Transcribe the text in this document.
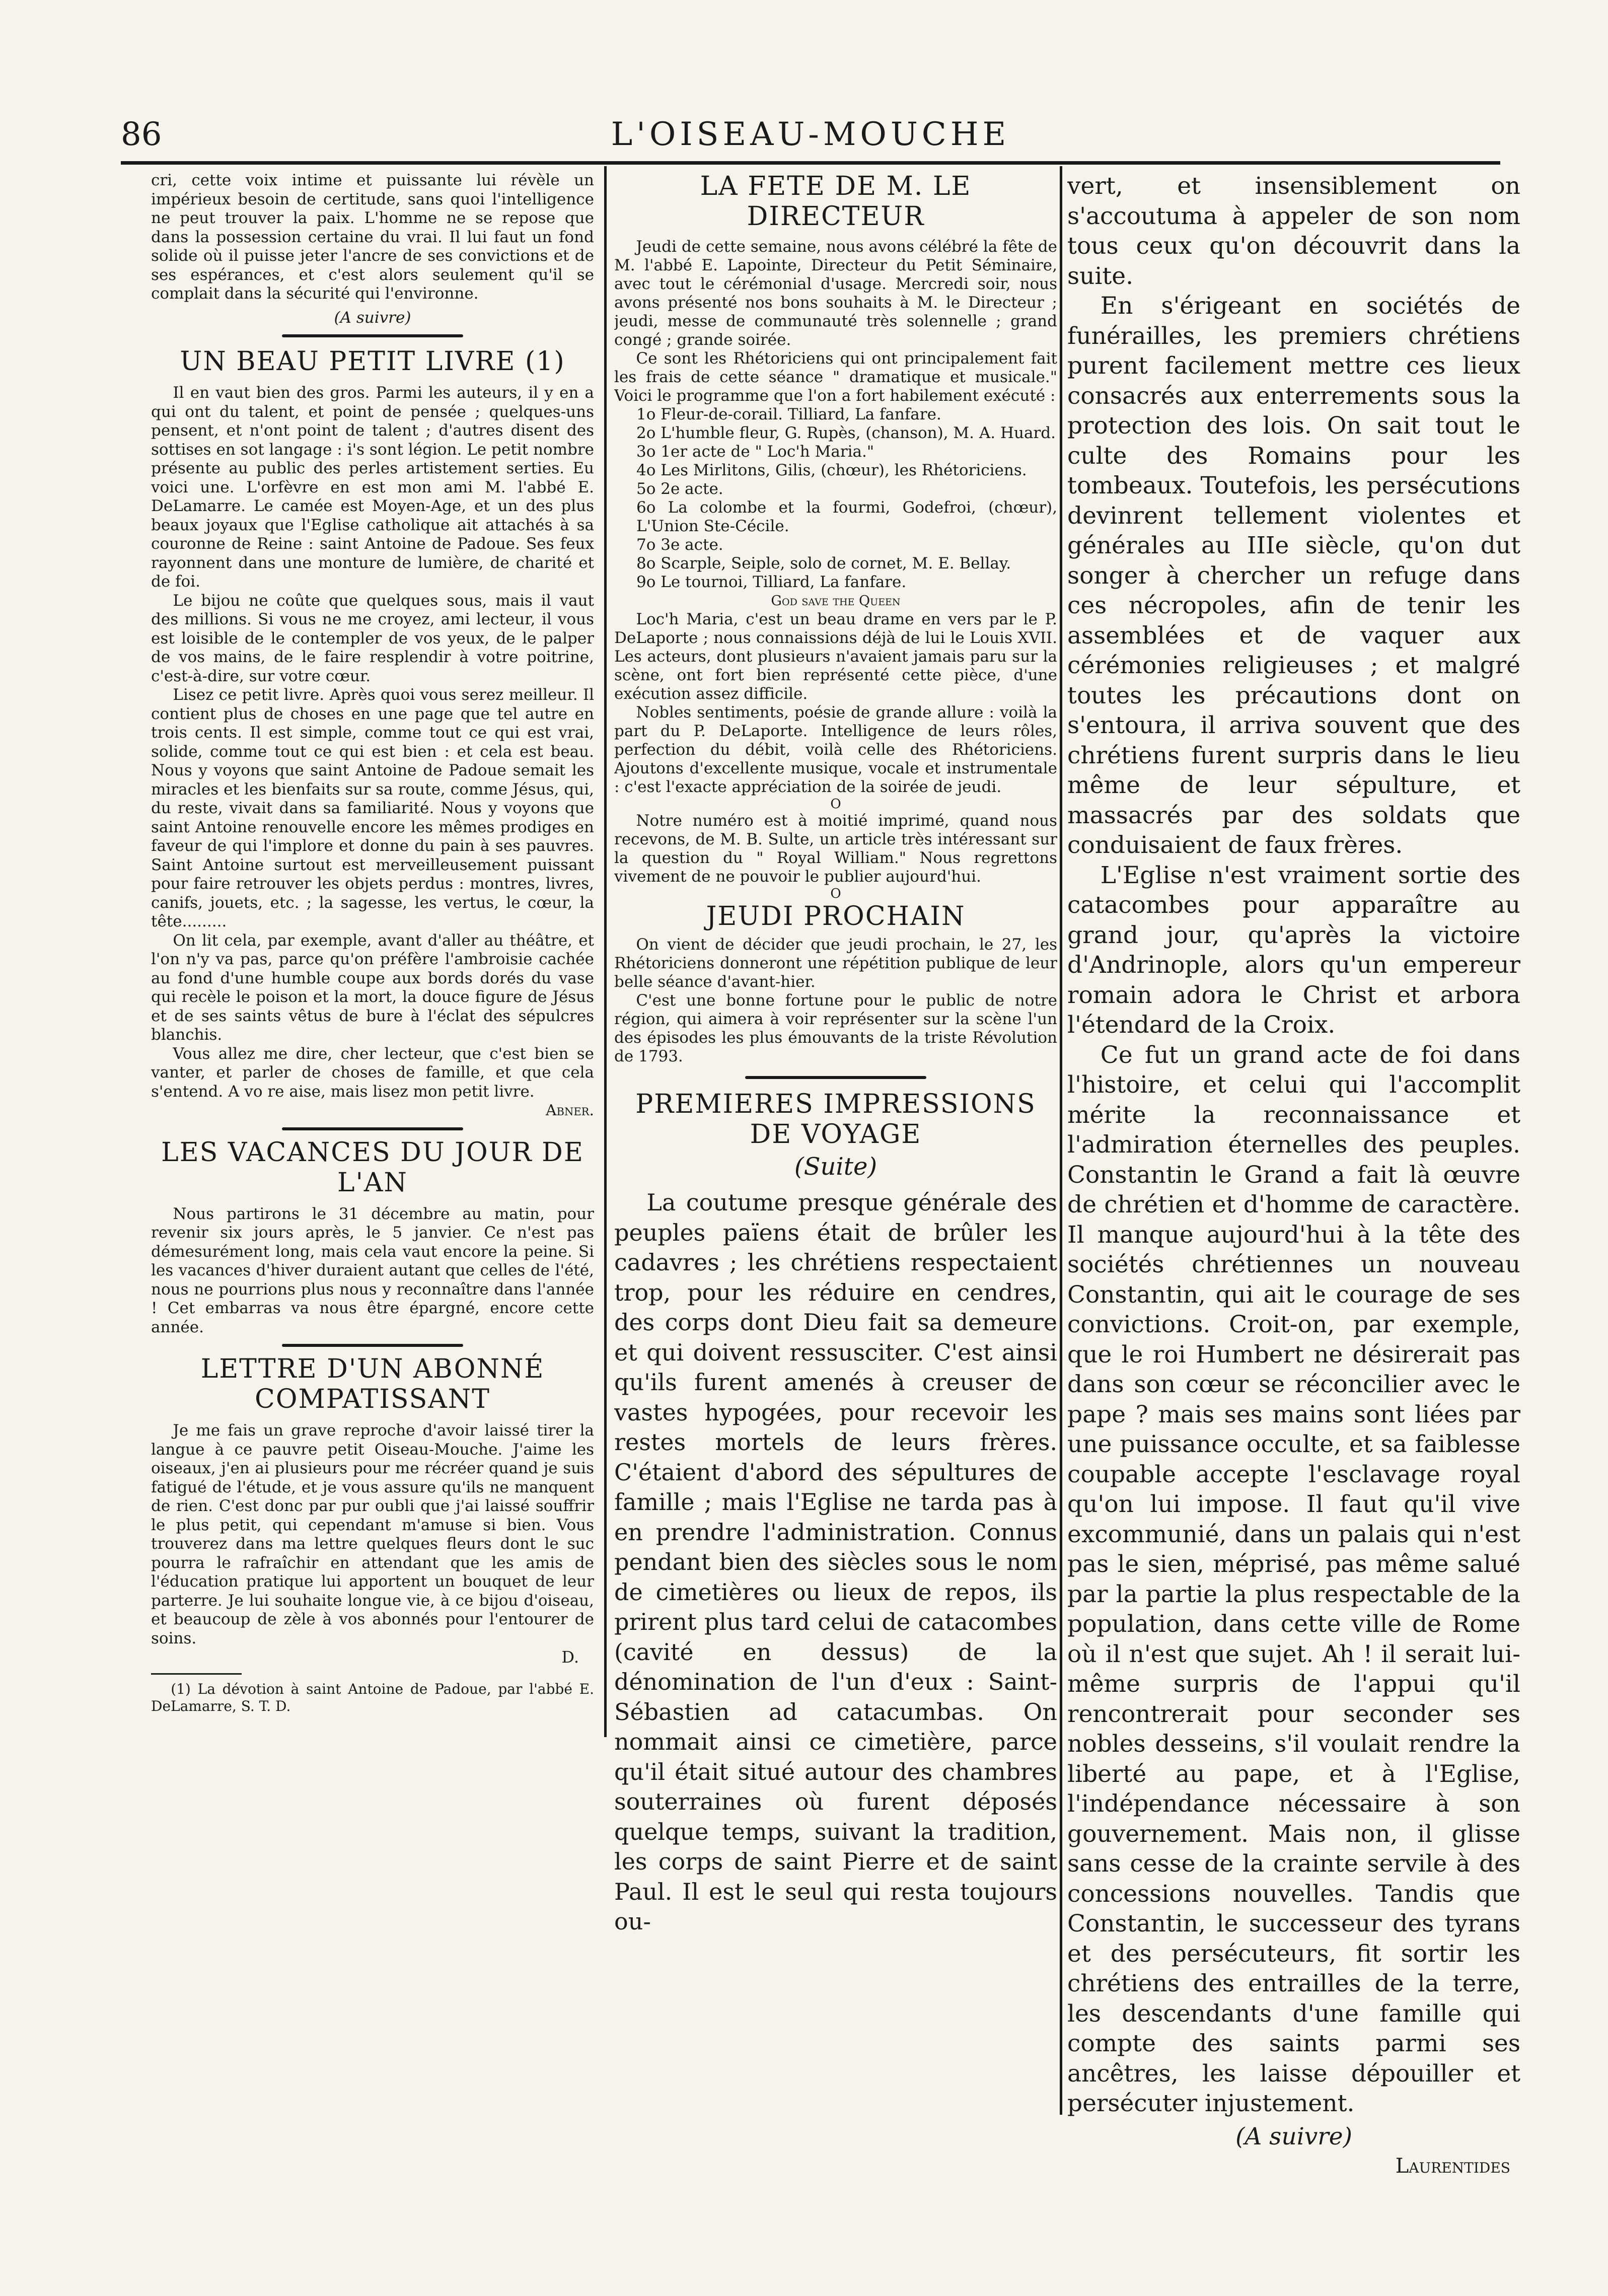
86	L'OISEAU-MOUCHE

cri, cette voix intime et puissante lui révèle un impérieux besoin de certitude, sans quoi l'intelligence ne peut trouver la paix. L'homme ne se repose que dans la possession certaine du vrai. Il lui faut un fond solide où il puisse jeter l'ancre de ses convictions et de ses espérances, et c'est alors seulement qu'il se complait dans la sécurité qui l'environne.

(A suivre)

UN BEAU PETIT LIVRE (1)

Il en vaut bien des gros. Parmi les auteurs, il y en a qui ont du talent, et point de pensée ; quelques-uns pensent, et n'ont point de talent ; d'autres disent des sottises en sot langage : i's sont légion. Le petit nombre présente au public des perles artistement serties. Eu voici une. L'orfèvre en est mon ami M. l'abbé E. DeLamarre. Le camée est Moyen-Age, et un des plus beaux joyaux que l'Eglise catholique ait attachés à sa couronne de Reine : saint Antoine de Padoue. Ses feux rayonnent dans une monture de lumière, de charité et de foi.

Le bijou ne coûte que quelques sous, mais il vaut des millions. Si vous ne me croyez, ami lecteur, il vous est loisible de le contempler de vos yeux, de le palper de vos mains, de le faire resplendir à votre poitrine, c'est-à-dire, sur votre cœur.

Lisez ce petit livre. Après quoi vous serez meilleur. Il contient plus de choses en une page que tel autre en trois cents. Il est simple, comme tout ce qui est vrai, solide, comme tout ce qui est bien : et cela est beau. Nous y voyons que saint Antoine de Padoue semait les miracles et les bienfaits sur sa route, comme Jésus, qui, du reste, vivait dans sa familiarité. Nous y voyons que saint Antoine renouvelle encore les mêmes prodiges en faveur de qui l'implore et donne du pain à ses pauvres. Saint Antoine surtout est merveilleusement puissant pour faire retrouver les objets perdus : montres, livres, canifs, jouets, etc. ; la sagesse, les vertus, le cœur, la tête.........

On lit cela, par exemple, avant d'aller au théâtre, et l'on n'y va pas, parce qu'on préfère l'ambroisie cachée au fond d'une humble coupe aux bords dorés du vase qui recèle le poison et la mort, la douce figure de Jésus et de ses saints vêtus de bure à l'éclat des sépulcres blanchis.

Vous allez me dire, cher lecteur, que c'est bien se vanter, et parler de choses de famille, et que cela s'entend. A vo re aise, mais lisez mon petit livre.

Abner.

LES VACANCES DU JOUR DE L'AN

Nous partirons le 31 décembre au matin, pour revenir six jours après, le 5 janvier. Ce n'est pas démesurément long, mais cela vaut encore la peine. Si les vacances d'hiver duraient autant que celles de l'été, nous ne pourrions plus nous y reconnaître dans l'année ! Cet embarras va nous être épargné, encore cette année.

LETTRE D'UN ABONNÉ COMPATISSANT

Je me fais un grave reproche d'avoir laissé tirer la langue à ce pauvre petit Oiseau-Mouche. J'aime les oiseaux, j'en ai plusieurs pour me récréer quand je suis fatigué de l'étude, et je vous assure qu'ils ne manquent de rien. C'est donc par pur oubli que j'ai laissé souffrir le plus petit, qui cependant m'amuse si bien. Vous trouverez dans ma lettre quelques fleurs dont le suc pourra le rafraîchir en attendant que les amis de l'éducation pratique lui apportent un bouquet de leur parterre. Je lui souhaite longue vie, à ce bijou d'oiseau, et beaucoup de zèle à vos abonnés pour l'entourer de soins.

D.

(1) La dévotion à saint Antoine de Padoue, par l'abbé E. DeLamarre, S. T. D.

LA FETE DE M. LE DIRECTEUR

Jeudi de cette semaine, nous avons célébré la fête de M. l'abbé E. Lapointe, Directeur du Petit Séminaire, avec tout le cérémonial d'usage. Mercredi soir, nous avons présenté nos bons souhaits à M. le Directeur ; jeudi, messe de communauté très solennelle ; grand congé ; grande soirée.

Ce sont les Rhétoriciens qui ont principalement fait les frais de cette séance " dramatique et musicale." Voici le programme que l'on a fort habilement exécuté :

1o Fleur-de-corail. Tilliard, La fanfare.

2o L'humble fleur, G. Rupès, (chanson), M. A. Huard.

3o 1er acte de " Loc'h Maria."

4o Les Mirlitons, Gilis, (chœur), les Rhétoriciens.

5o 2e acte.

6o La colombe et la fourmi, Godefroi, (chœur), L'Union Ste-Cécile.

7o 3e acte.

8o Scarple, Seiple, solo de cornet, M. E. Bellay.

9o Le tournoi, Tilliard, La fanfare.

God save the Queen

Loc'h Maria, c'est un beau drame en vers par le P. DeLaporte ; nous connaissions déjà de lui le Louis XVII. Les acteurs, dont plusieurs n'avaient jamais paru sur la scène, ont fort bien représenté cette pièce, d'une exécution assez difficile.

Nobles sentiments, poésie de grande allure : voilà la part du P. DeLaporte. Intelligence de leurs rôles, perfection du débit, voilà celle des Rhétoriciens. Ajoutons d'excellente musique, vocale et instrumentale : c'est l'exacte appréciation de la soirée de jeudi.

O

Notre numéro est à moitié imprimé, quand nous recevons, de M. B. Sulte, un article très intéressant sur la question du " Royal William." Nous regrettons vivement de ne pouvoir le publier aujourd'hui.

O

JEUDI PROCHAIN

On vient de décider que jeudi prochain, le 27, les Rhétoriciens donneront une répétition publique de leur belle séance d'avant-hier.

C'est une bonne fortune pour le public de notre région, qui aimera à voir représenter sur la scène l'un des épisodes les plus émouvants de la triste Révolution de 1793.

PREMIERES IMPRESSIONS DE VOYAGE

(Suite)

La coutume presque générale des peuples païens était de brûler les cadavres ; les chrétiens respectaient trop, pour les réduire en cendres, des corps dont Dieu fait sa demeure et qui doivent ressusciter. C'est ainsi qu'ils furent amenés à creuser de vastes hypogées, pour recevoir les restes mortels de leurs frères. C'étaient d'abord des sépultures de famille ; mais l'Eglise ne tarda pas à en prendre l'administration. Connus pendant bien des siècles sous le nom de cimetières ou lieux de repos, ils prirent plus tard celui de catacombes (cavité en dessus) de la dénomination de l'un d'eux : Saint-Sébastien ad catacumbas. On nommait ainsi ce cimetière, parce qu'il était situé autour des chambres souterraines où furent déposés quelque temps, suivant la tradition, les corps de saint Pierre et de saint Paul. Il est le seul qui resta toujours ou-

vert, et insensiblement on s'accoutuma à appeler de son nom tous ceux qu'on découvrit dans la suite.

En s'érigeant en sociétés de funérailles, les premiers chrétiens purent facilement mettre ces lieux consacrés aux enterrements sous la protection des lois. On sait tout le culte des Romains pour les tombeaux. Toutefois, les persécutions devinrent tellement violentes et générales au IIIe siècle, qu'on dut songer à chercher un refuge dans ces nécropoles, afin de tenir les assemblées et de vaquer aux cérémonies religieuses ; et malgré toutes les précautions dont on s'entoura, il arriva souvent que des chrétiens furent surpris dans le lieu même de leur sépulture, et massacrés par des soldats que conduisaient de faux frères.

L'Eglise n'est vraiment sortie des catacombes pour apparaître au grand jour, qu'après la victoire d'Andrinople, alors qu'un empereur romain adora le Christ et arbora l'étendard de la Croix.

Ce fut un grand acte de foi dans l'histoire, et celui qui l'accomplit mérite la reconnaissance et l'admiration éternelles des peuples. Constantin le Grand a fait là œuvre de chrétien et d'homme de caractère. Il manque aujourd'hui à la tête des sociétés chrétiennes un nouveau Constantin, qui ait le courage de ses convictions. Croit-on, par exemple, que le roi Humbert ne désirerait pas dans son cœur se réconcilier avec le pape ? mais ses mains sont liées par une puissance occulte, et sa faiblesse coupable accepte l'esclavage royal qu'on lui impose. Il faut qu'il vive excommunié, dans un palais qui n'est pas le sien, méprisé, pas même salué par la partie la plus respectable de la population, dans cette ville de Rome où il n'est que sujet. Ah ! il serait lui-même surpris de l'appui qu'il rencontrerait pour seconder ses nobles desseins, s'il voulait rendre la liberté au pape, et à l'Eglise, l'indépendance nécessaire à son gouvernement. Mais non, il glisse sans cesse de la crainte servile à des concessions nouvelles. Tandis que Constantin, le successeur des tyrans et des persécuteurs, fit sortir les chrétiens des entrailles de la terre, les descendants d'une famille qui compte des saints parmi ses ancêtres, les laisse dépouiller et persécuter injustement.

(A suivre)

Laurentides
